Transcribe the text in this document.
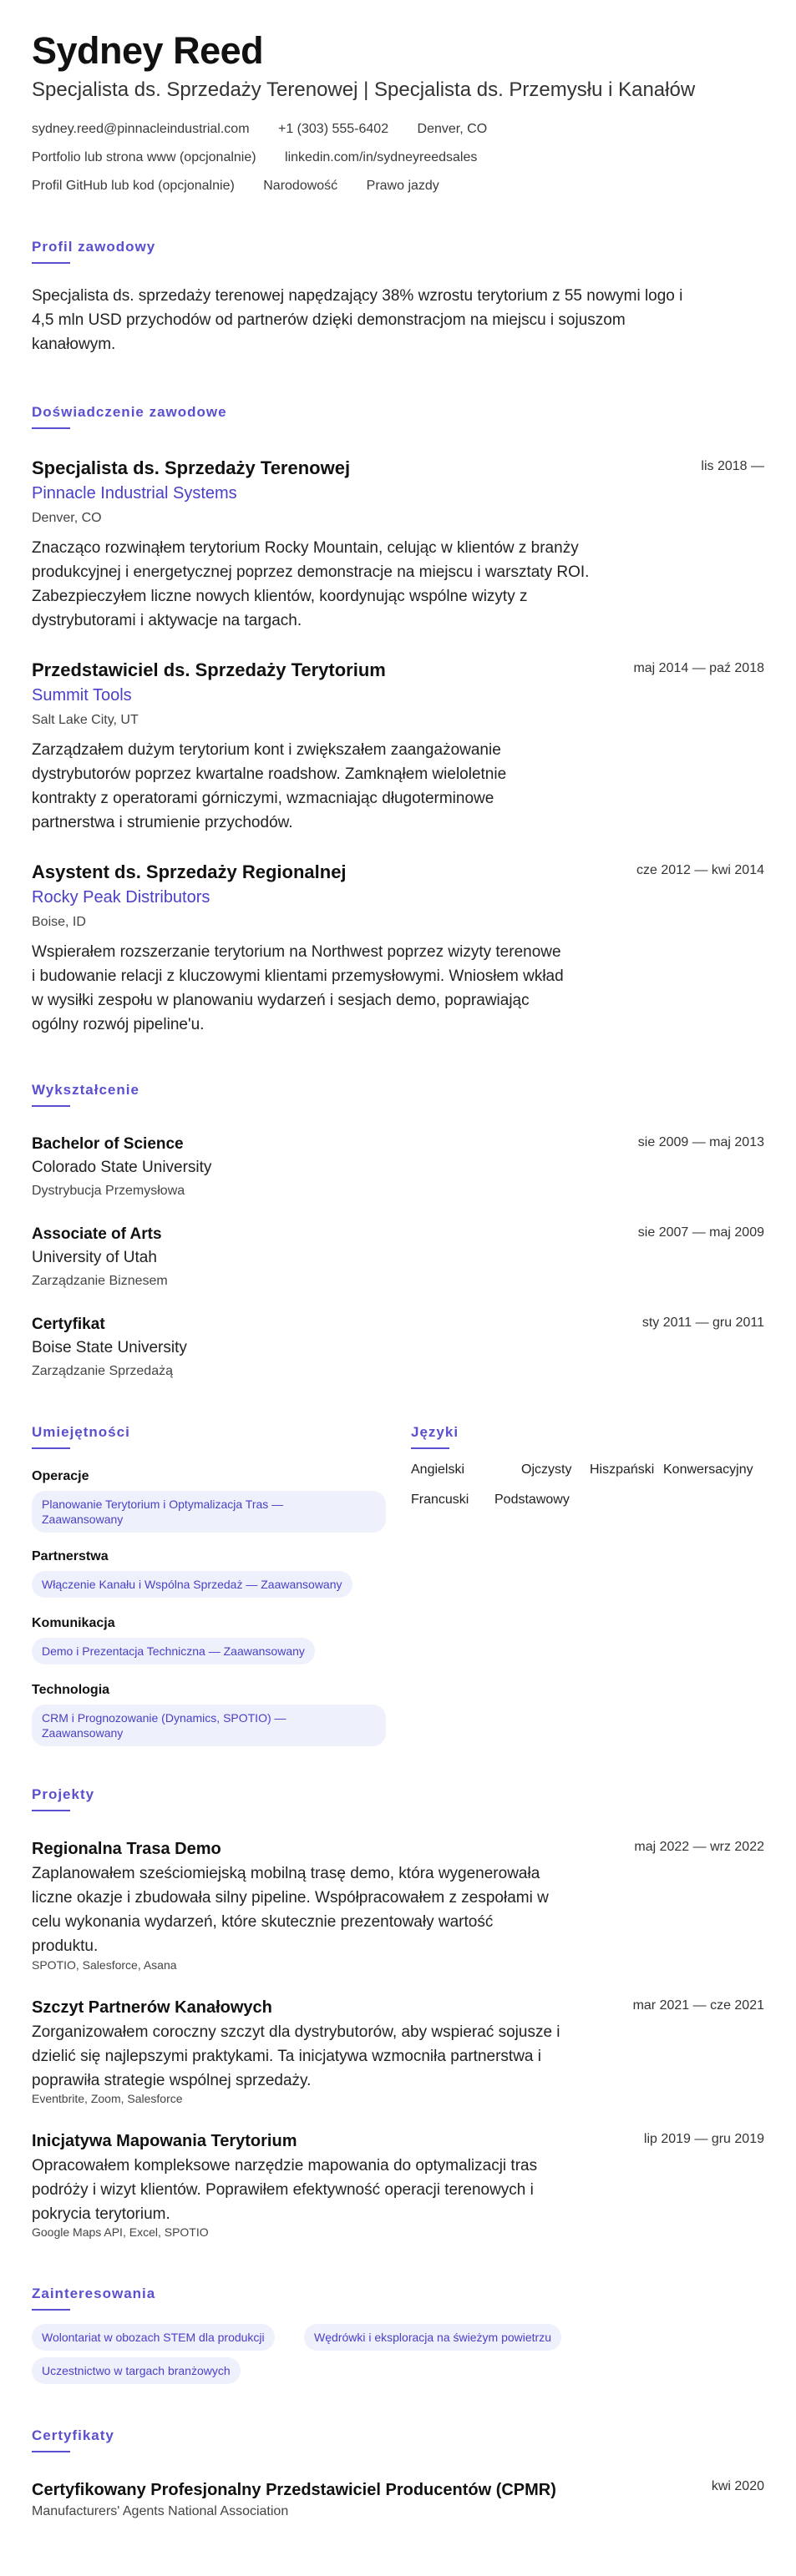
Sydney Reed
Specjalista ds. Sprzedaży Terenowej | Specjalista ds. Przemysłu i Kanałów
sydney.reed@pinnacleindustrial.com +1 (303) 555-6402 Denver, CO
Portfolio lub strona www (opcjonalnie) linkedin.com/in/sydneyreedsales
Profil GitHub lub kod (opcjonalnie) Narodowość Prawo jazdy
Profil zawodowy
Specjalista ds. sprzedaży terenowej napędzający 38% wzrostu terytorium z 55 nowymi logo i
4,5 mln USD przychodów od partnerów dzięki demonstracjom na miejscu i sojuszom
kanałowym.
Doświadczenie zawodowe
Specjalista ds. Sprzedaży Terenowej	lis 2018 —
Pinnacle Industrial Systems
Denver, CO
Znacząco rozwinąłem terytorium Rocky Mountain, celując w klientów z branży
produkcyjnej i energetycznej poprzez demonstracje na miejscu i warsztaty ROI.
Zabezpieczyłem liczne nowych klientów, koordynując wspólne wizyty z
dystrybutorami i aktywacje na targach.
Przedstawiciel ds. Sprzedaży Terytorium	maj 2014 — paź 2018
Summit Tools
Salt Lake City, UT
Zarządzałem dużym terytorium kont i zwiększałem zaangażowanie
dystrybutorów poprzez kwartalne roadshow. Zamknąłem wieloletnie
kontrakty z operatorami górniczymi, wzmacniając długoterminowe
partnerstwa i strumienie przychodów.
Asystent ds. Sprzedaży Regionalnej	cze 2012 — kwi 2014
Rocky Peak Distributors
Boise, ID
Wspierałem rozszerzanie terytorium na Northwest poprzez wizyty terenowe
i budowanie relacji z kluczowymi klientami przemysłowymi. Wniosłem wkład
w wysiłki zespołu w planowaniu wydarzeń i sesjach demo, poprawiając
ogólny rozwój pipeline'u.
Wykształcenie
Bachelor of Science	sie 2009 — maj 2013
Colorado State University
Dystrybucja Przemysłowa
Associate of Arts	sie 2007 — maj 2009
University of Utah
Zarządzanie Biznesem
Certyfikat	sty 2011 — gru 2011
Boise State University
Zarządzanie Sprzedażą
Umiejętności
Operacje
Planowanie Terytorium i Optymalizacja Tras —
Zaawansowany
Partnerstwa
Włączenie Kanału i Wspólna Sprzedaż — Zaawansowany
Komunikacja
Demo i Prezentacja Techniczna — Zaawansowany
Technologia
CRM i Prognozowanie (Dynamics, SPOTIO) —
Zaawansowany
Języki
Angielski	Ojczysty Hiszpański Konwersacyjny
Francuski Podstawowy
Projekty
Regionalna Trasa Demo	maj 2022 — wrz 2022
Zaplanowałem sześciomiejską mobilną trasę demo, która wygenerowała
liczne okazje i zbudowała silny pipeline. Współpracowałem z zespołami w
celu wykonania wydarzeń, które skutecznie prezentowały wartość
produktu.
SPOTIO, Salesforce, Asana
Szczyt Partnerów Kanałowych	mar 2021 — cze 2021
Zorganizowałem coroczny szczyt dla dystrybutorów, aby wspierać sojusze i
dzielić się najlepszymi praktykami. Ta inicjatywa wzmocniła partnerstwa i
poprawiła strategie wspólnej sprzedaży.
Eventbrite, Zoom, Salesforce
Inicjatywa Mapowania Terytorium	lip 2019 — gru 2019
Opracowałem kompleksowe narzędzie mapowania do optymalizacji tras
podróży i wizyt klientów. Poprawiłem efektywność operacji terenowych i
pokrycia terytorium.
Google Maps API, Excel, SPOTIO
Zainteresowania
Wolontariat w obozach STEM dla produkcji	Wędrówki i eksploracja na świeżym powietrzu
Uczestnictwo w targach branżowych
Certyfikaty
Certyfikowany Profesjonalny Przedstawiciel Producentów (CPMR)	kwi 2020
Manufacturers' Agents National Association
